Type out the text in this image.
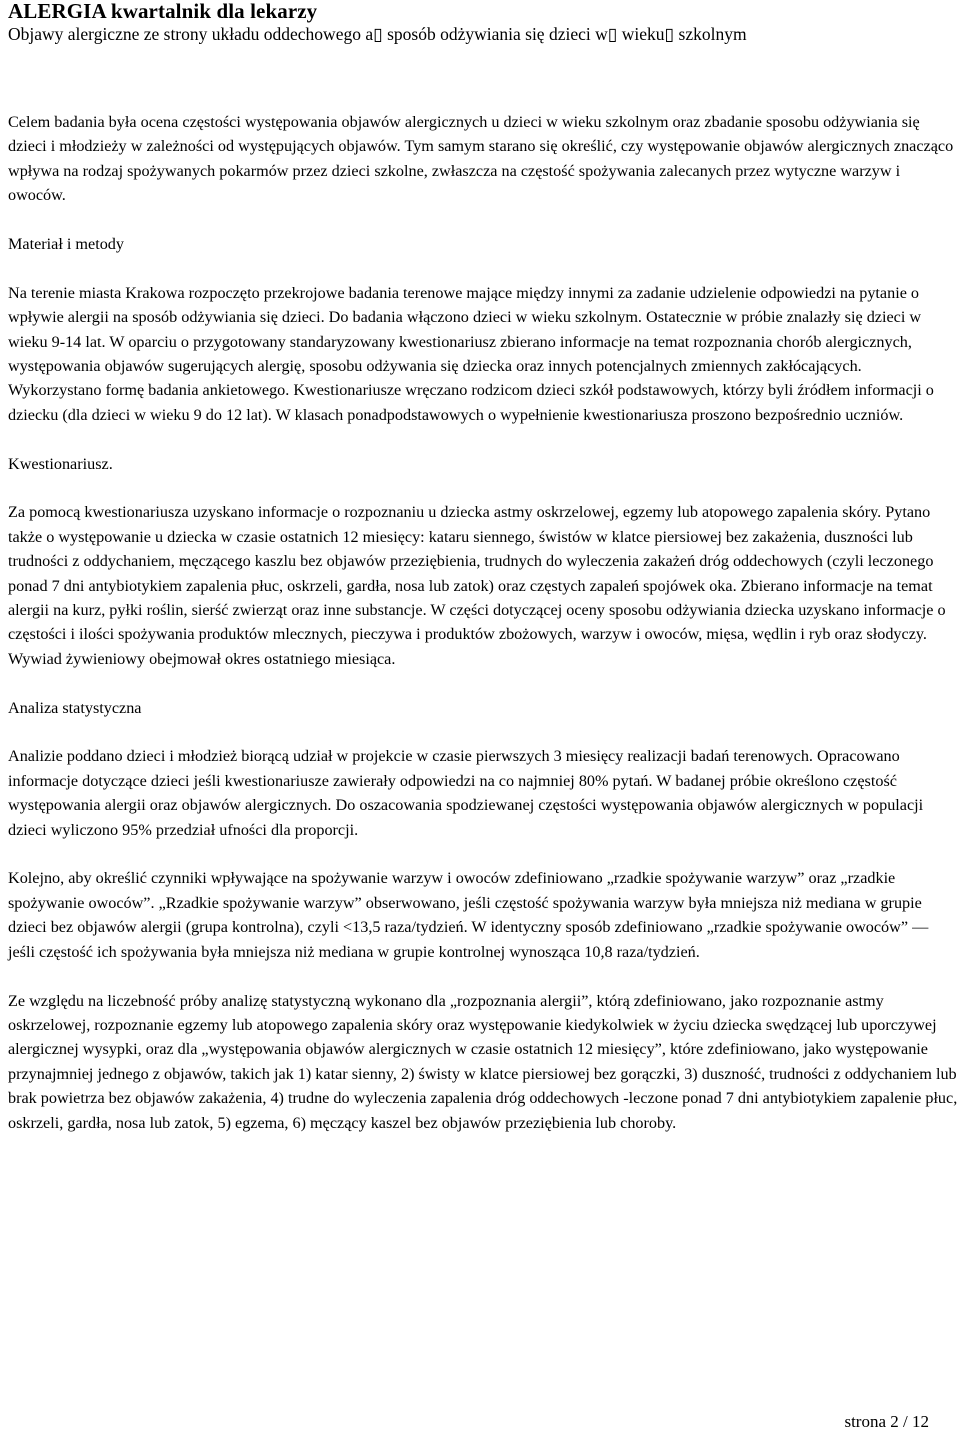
ALERGIA kwartalnik dla lekarzy
Objawy alergiczne ze strony układu oddechowego a▯ sposób odżywiania się dzieci w▯ wieku▯ szkolnym

Celem badania była ocena częstości występowania objawów alergicznych u dzieci w wieku szkolnym oraz zbadanie sposobu odżywiania się dzieci i młodzieży w zależności od występujących objawów. Tym samym starano się określić, czy występowanie objawów alergicznych znacząco wpływa na rodzaj spożywanych pokarmów przez dzieci szkolne, zwłaszcza na częstość spożywania zalecanych przez wytyczne warzyw i owoców.

Materiał i metody

Na terenie miasta Krakowa rozpoczęto przekrojowe badania terenowe mające między innymi za zadanie udzielenie odpowiedzi na pytanie o wpływie alergii na sposób odżywiania się dzieci. Do badania włączono dzieci w wieku szkolnym. Ostatecznie w próbie znalazły się dzieci w wieku 9-14 lat. W oparciu o przygotowany standaryzowany kwestionariusz zbierano informacje na temat rozpoznania chorób alergicznych, występowania objawów sugerujących alergię, sposobu odżywania się dziecka oraz innych potencjalnych zmiennych zakłócających. Wykorzystano formę badania ankietowego. Kwestionariusze wręczano rodzicom dzieci szkół podstawowych, którzy byli źródłem informacji o dziecku (dla dzieci w wieku 9 do 12 lat). W klasach ponadpodstawowych o wypełnienie kwestionariusza proszono bezpośrednio uczniów.

Kwestionariusz.

Za pomocą kwestionariusza uzyskano informacje o rozpoznaniu u dziecka astmy oskrzelowej, egzemy lub atopowego zapalenia skóry. Pytano także o występowanie u dziecka w czasie ostatnich 12 miesięcy: kataru siennego, świstów w klatce piersiowej bez zakażenia, duszności lub trudności z oddychaniem, męczącego kaszlu bez objawów przeziębienia, trudnych do wyleczenia zakażeń dróg oddechowych (czyli leczonego ponad 7 dni antybiotykiem zapalenia płuc, oskrzeli, gardła, nosa lub zatok) oraz częstych zapaleń spojówek oka. Zbierano informacje na temat alergii na kurz, pyłki roślin, sierść zwierząt oraz inne substancje. W części dotyczącej oceny sposobu odżywiania dziecka uzyskano informacje o częstości i ilości spożywania produktów mlecznych, pieczywa i produktów zbożowych, warzyw i owoców, mięsa, wędlin i ryb oraz słodyczy. Wywiad żywieniowy obejmował okres ostatniego miesiąca.

Analiza statystyczna

Analizie poddano dzieci i młodzież biorącą udział w projekcie w czasie pierwszych 3 miesięcy realizacji badań terenowych. Opracowano informacje dotyczące dzieci jeśli kwestionariusze zawierały odpowiedzi na co najmniej 80% pytań. W badanej próbie określono częstość występowania alergii oraz objawów alergicznych. Do oszacowania spodziewanej częstości występowania objawów alergicznych w populacji dzieci wyliczono 95% przedział ufności dla proporcji.

Kolejno, aby określić czynniki wpływające na spożywanie warzyw i owoców zdefiniowano „rzadkie spożywanie warzyw” oraz „rzadkie spożywanie owoców”. „Rzadkie spożywanie warzyw” obserwowano, jeśli częstość spożywania warzyw była mniejsza niż mediana w grupie dzieci bez objawów alergii (grupa kontrolna), czyli <13,5 raza/tydzień. W identyczny sposób zdefiniowano „rzadkie spożywanie owoców” — jeśli częstość ich spożywania była mniejsza niż mediana w grupie kontrolnej wynosząca 10,8 raza/tydzień.

Ze względu na liczebność próby analizę statystyczną wykonano dla „rozpoznania alergii”, którą zdefiniowano, jako rozpoznanie astmy oskrzelowej, rozpoznanie egzemy lub atopowego zapalenia skóry oraz występowanie kiedykolwiek w życiu dziecka swędzącej lub uporczywej alergicznej wysypki, oraz dla „występowania objawów alergicznych w czasie ostatnich 12 miesięcy”, które zdefiniowano, jako występowanie przynajmniej jednego z objawów, takich jak 1) katar sienny, 2) świsty w klatce piersiowej bez gorączki, 3) duszność, trudności z oddychaniem lub brak powietrza bez objawów zakażenia, 4) trudne do wyleczenia zapalenia dróg oddechowych -leczone ponad 7 dni antybiotykiem zapalenie płuc, oskrzeli, gardła, nosa lub zatok, 5) egzema, 6) męczący kaszel bez objawów przeziębienia lub choroby.

strona 2 / 12
